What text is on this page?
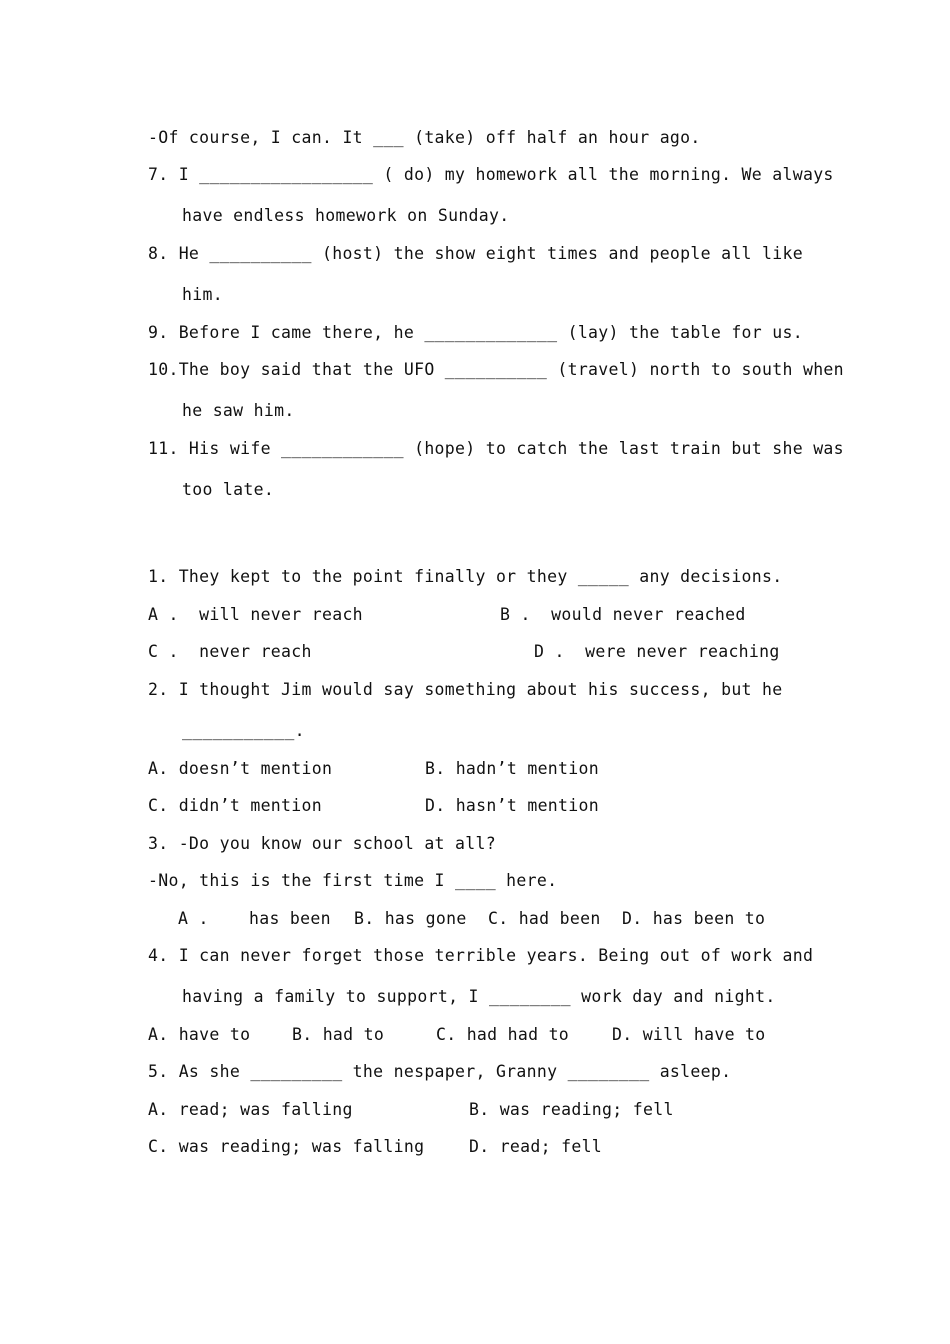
-Of course, I can. It ___ (take) off half an hour ago.
7. I _________________ ( do) my homework all the morning. We always
have endless homework on Sunday.
8. He __________ (host) the show eight times and people all like
him.
9. Before I came there, he _____________ (lay) the table for us.
10.The boy said that the UFO __________ (travel) north to south when
he saw him.
11. His wife ____________ (hope) to catch the last train but she was
too late.
1. They kept to the point finally or they _____ any decisions.
A .  will never reach	B .  would never reached
C .  never reach	D .  were never reaching
2. I thought Jim would say something about his success, but he
___________.
A. doesn’t mention	B. hadn’t mention
C. didn’t mention	D. hasn’t mention
3. -Do you know our school at all?
-No, this is the first time I ____ here.
A . has been B. has gone C. had been D. has been to
4. I can never forget those terrible years. Being out of work and
having a family to support, I ________ work day and night.
A. have to	B. had to	C. had had to	D. will have to
5. As she _________ the nespaper, Granny ________ asleep.
A. read; was falling	B. was reading; fell
C. was reading; was falling	D. read; fell
